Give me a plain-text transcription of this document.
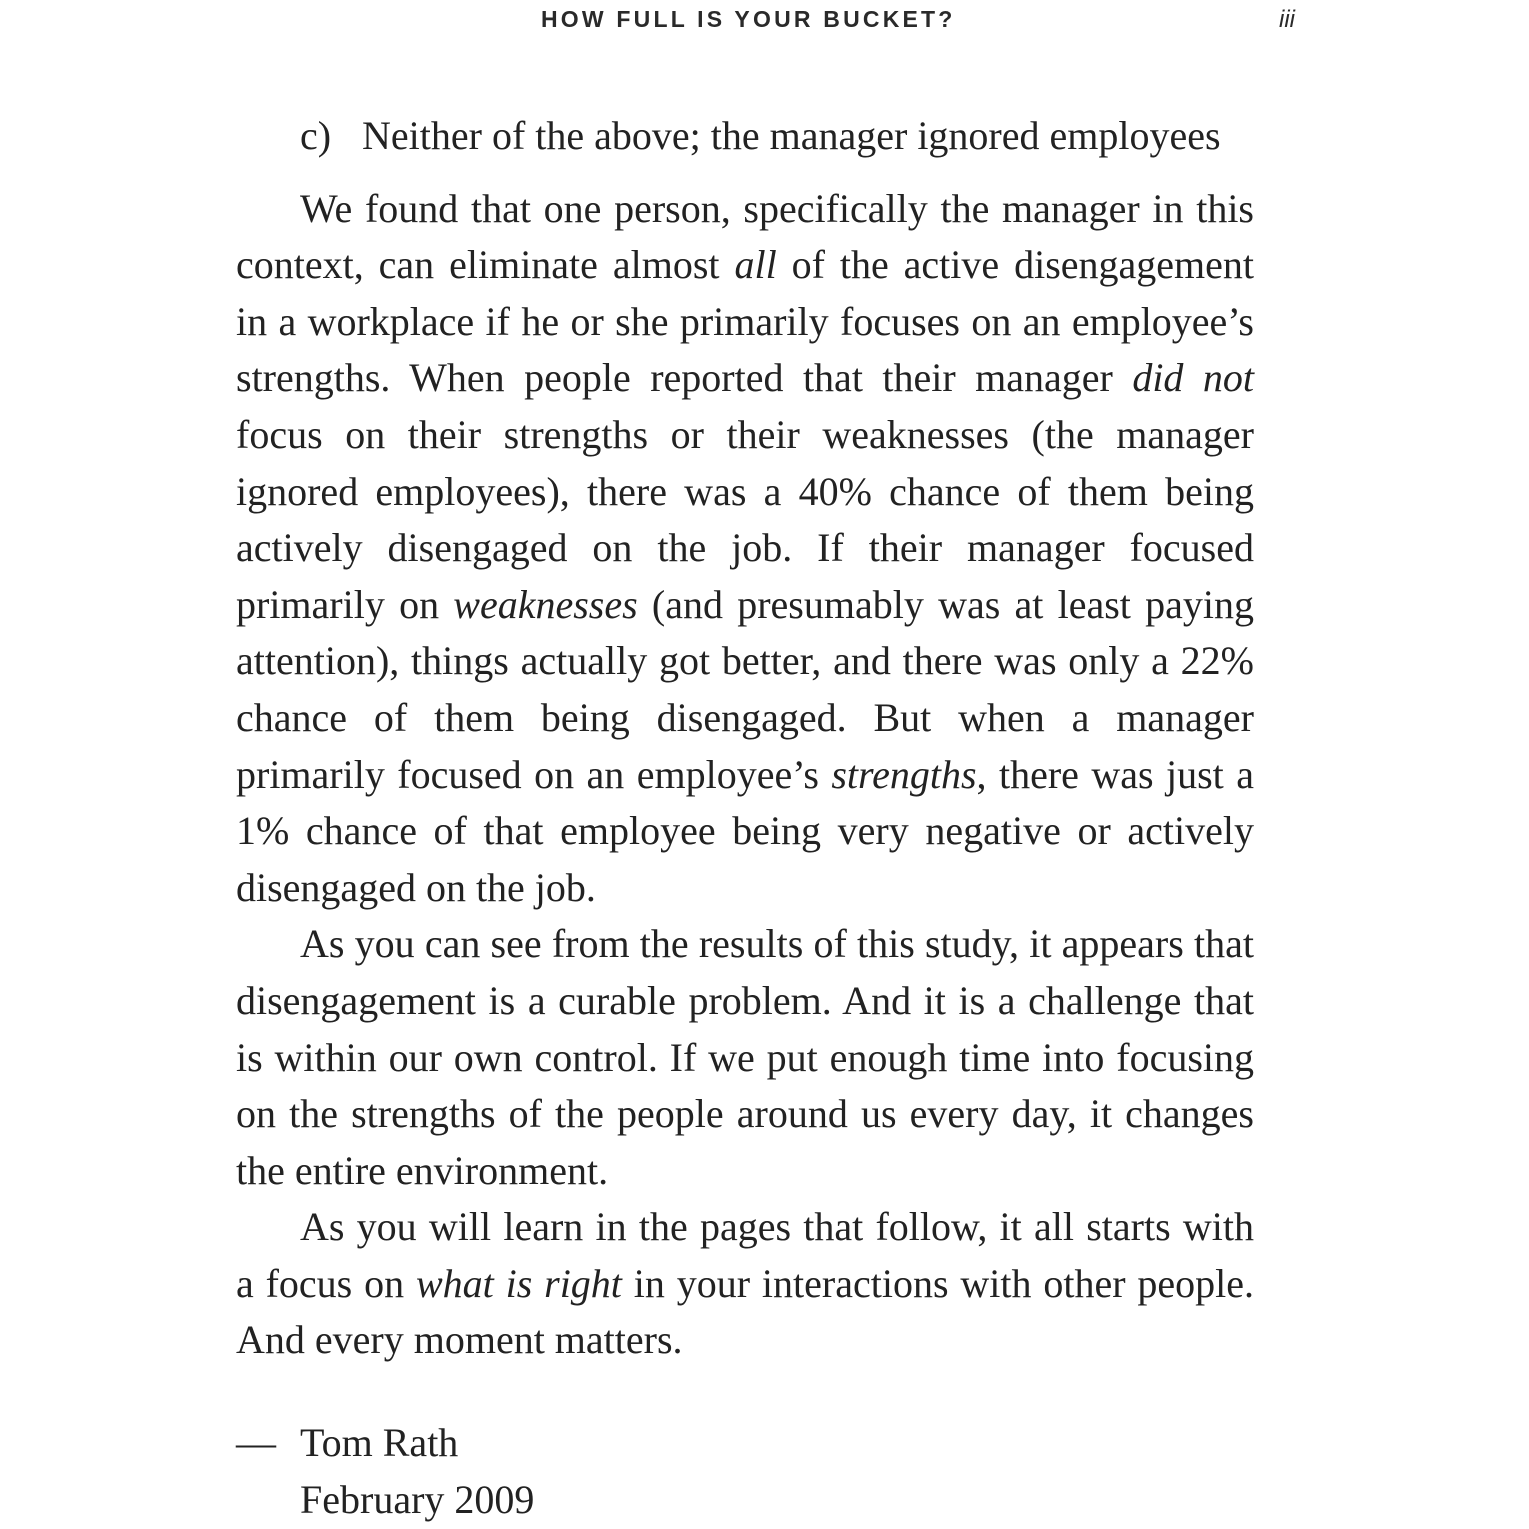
HOW FULL IS YOUR BUCKET?	iii

c) Neither of the above; the manager ignored employees

We found that one person, specifically the manager in this context, can eliminate almost all of the active disengagement in a workplace if he or she primarily focuses on an employee’s strengths. When people reported that their manager did not focus on their strengths or their weaknesses (the manager ignored employees), there was a 40% chance of them being actively disengaged on the job. If their manager focused primarily on weaknesses (and presumably was at least paying attention), things actually got better, and there was only a 22% chance of them being disengaged. But when a manager primarily focused on an employee’s strengths, there was just a 1% chance of that employee being very negative or actively disengaged on the job.

As you can see from the results of this study, it appears that disengagement is a curable problem. And it is a challenge that is within our own control. If we put enough time into focusing on the strengths of the people around us every day, it changes the entire environment.

As you will learn in the pages that follow, it all starts with a focus on what is right in your interactions with other people. And every moment matters.

— Tom Rath
February 2009
